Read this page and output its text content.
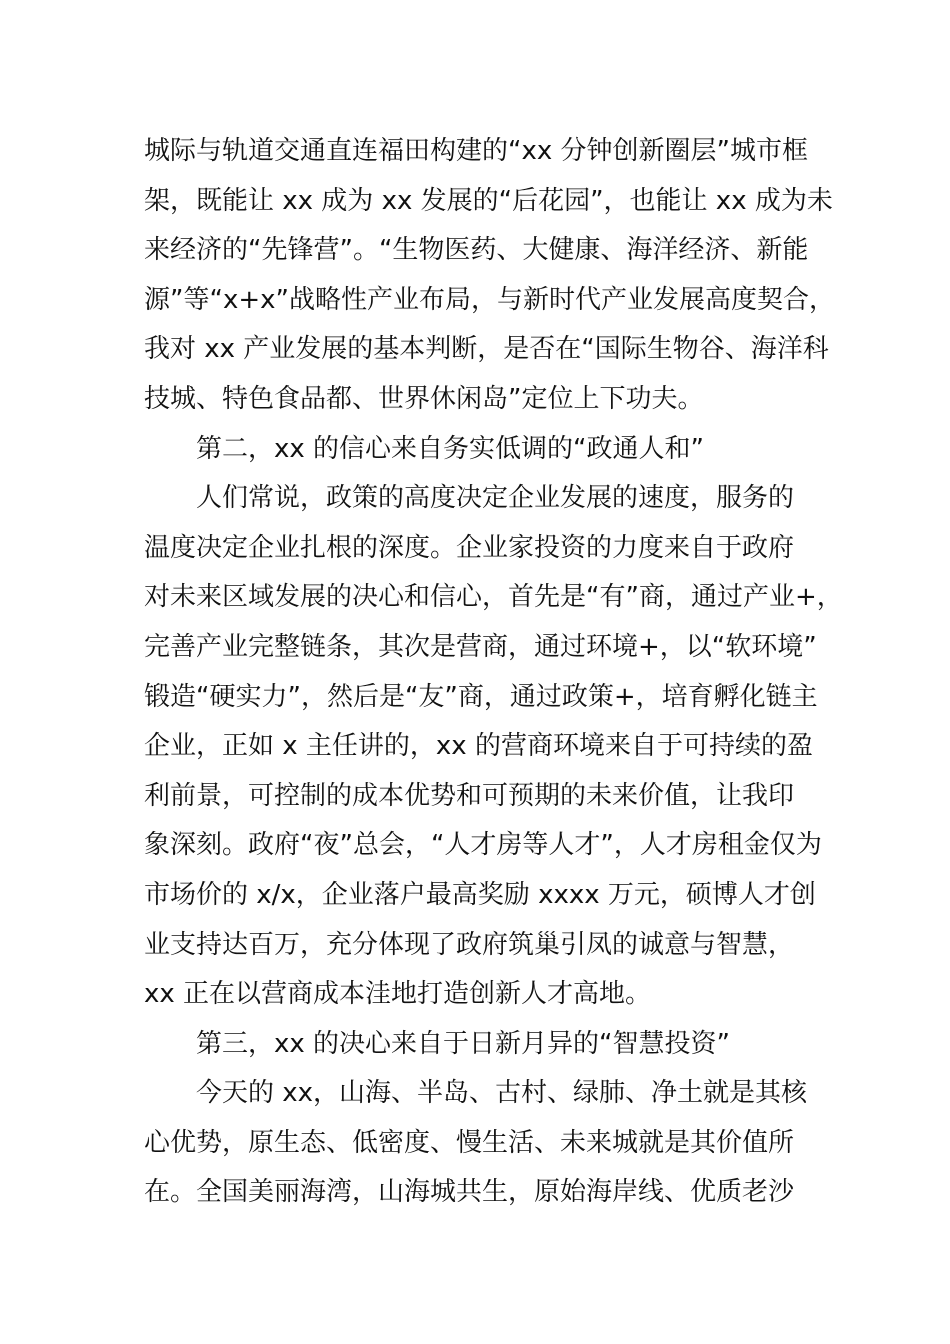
城际与轨道交通直连福田构建的“xx 分钟创新圈层”城市框
架，既能让 xx 成为 xx 发展的“后花园”，也能让 xx 成为未
来经济的“先锋营”。“生物医药、大健康、海洋经济、新能
源”等“x+x”战略性产业布局，与新时代产业发展高度契合，
我对 xx 产业发展的基本判断，是否在“国际生物谷、海洋科
技城、特色食品都、世界休闲岛”定位上下功夫。
第二，xx 的信心来自务实低调的“政通人和”
人们常说，政策的高度决定企业发展的速度，服务的
温度决定企业扎根的深度。企业家投资的力度来自于政府
对未来区域发展的决心和信心，首先是“有”商，通过产业+，
完善产业完整链条，其次是营商，通过环境+，以“软环境”
锻造“硬实力”，然后是“友”商，通过政策+，培育孵化链主
企业，正如 x 主任讲的，xx 的营商环境来自于可持续的盈
利前景，可控制的成本优势和可预期的未来价值，让我印
象深刻。政府“夜”总会，“人才房等人才”，人才房租金仅为
市场价的 x/x，企业落户最高奖励 xxxx 万元，硕博人才创
业支持达百万，充分体现了政府筑巢引凤的诚意与智慧，
xx 正在以营商成本洼地打造创新人才高地。
第三，xx 的决心来自于日新月异的“智慧投资”
今天的 xx，山海、半岛、古村、绿肺、净土就是其核
心优势，原生态、低密度、慢生活、未来城就是其价值所
在。全国美丽海湾，山海城共生，原始海岸线、优质老沙
